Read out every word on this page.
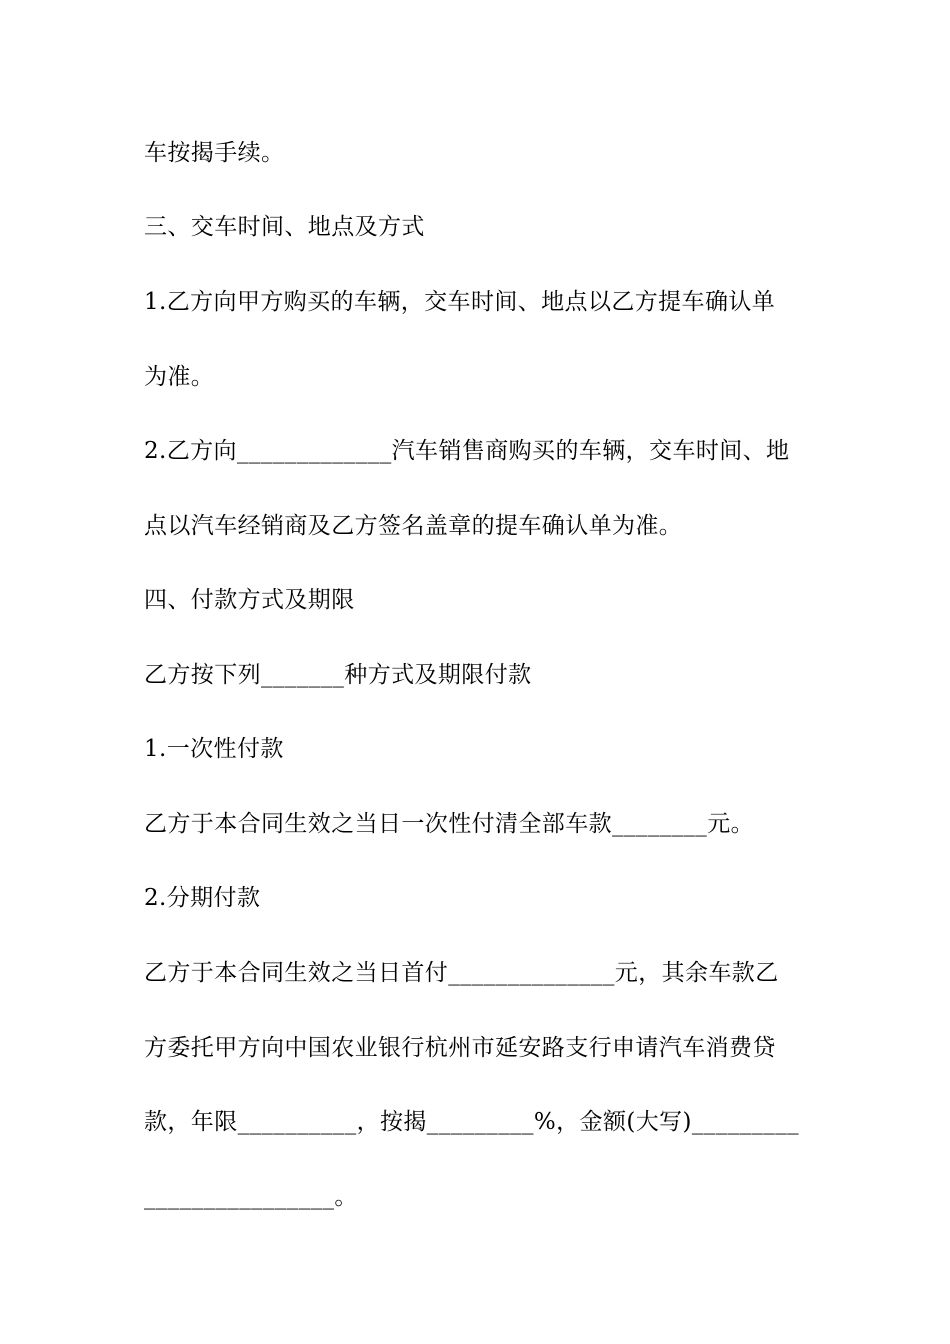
车按揭手续。
三、交车时间、地点及方式
1.乙方向甲方购买的车辆，交车时间、地点以乙方提车确认单
为准。
2.乙方向_____________汽车销售商购买的车辆，交车时间、地
点以汽车经销商及乙方签名盖章的提车确认单为准。
四、付款方式及期限
乙方按下列_______种方式及期限付款
1.一次性付款
乙方于本合同生效之当日一次性付清全部车款________元。
2.分期付款
乙方于本合同生效之当日首付______________元，其余车款乙
方委托甲方向中国农业银行杭州市延安路支行申请汽车消费贷
款，年限__________，按揭_________%，金额(大写)_________
________________。
